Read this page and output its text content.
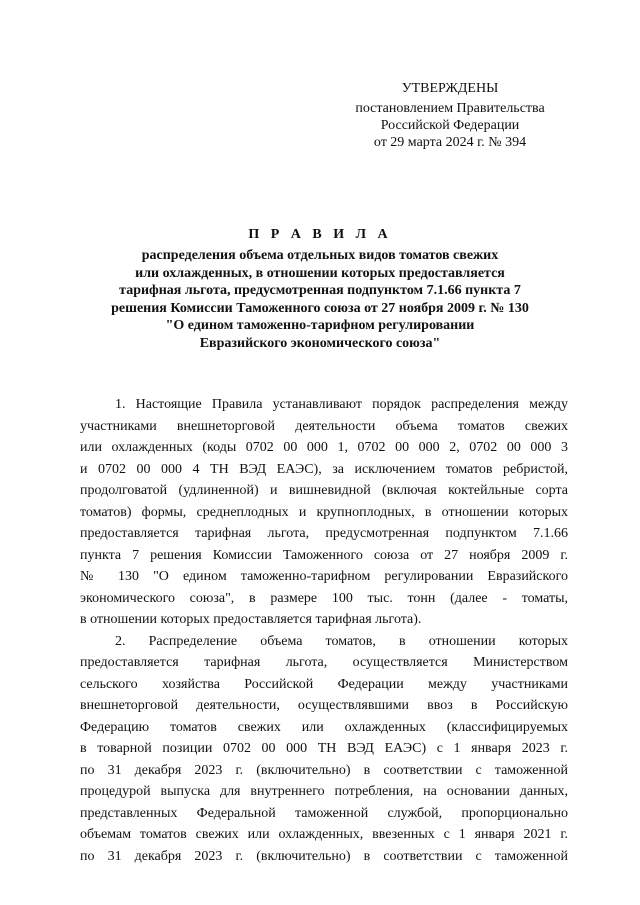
УТВЕРЖДЕНЫ
постановлением Правительства
Российской Федерации
от 29 марта 2024 г. № 394
П Р А В И Л А
распределения объема отдельных видов томатов свежих
или охлажденных, в отношении которых предоставляется
тарифная льгота, предусмотренная подпунктом 7.1.66 пункта 7
решения Комиссии Таможенного союза от 27 ноября 2009 г. № 130
"О едином таможенно-тарифном регулировании
Евразийского экономического союза"
1. Настоящие Правила устанавливают порядок распределения между
участниками внешнеторговой деятельности объема томатов свежих
или охлажденных (коды 0702 00 000 1, 0702 00 000 2, 0702 00 000 3
и 0702 00 000 4 ТН ВЭД ЕАЭС), за исключением томатов ребристой,
продолговатой (удлиненной) и вишневидной (включая коктейльные сорта
томатов) формы, среднеплодных и крупноплодных, в отношении которых
предоставляется тарифная льгота, предусмотренная подпунктом 7.1.66
пункта 7 решения Комиссии Таможенного союза от 27 ноября 2009 г.
№ 130 "О едином таможенно-тарифном регулировании Евразийского
экономического союза", в размере 100 тыс. тонн (далее - томаты,
в отношении которых предоставляется тарифная льгота).
2. Распределение объема томатов, в отношении которых
предоставляется тарифная льгота, осуществляется Министерством
сельского хозяйства Российской Федерации между участниками
внешнеторговой деятельности, осуществлявшими ввоз в Российскую
Федерацию томатов свежих или охлажденных (классифицируемых
в товарной позиции 0702 00 000 ТН ВЭД ЕАЭС) с 1 января 2023 г.
по 31 декабря 2023 г. (включительно) в соответствии с таможенной
процедурой выпуска для внутреннего потребления, на основании данных,
представленных Федеральной таможенной службой, пропорционально
объемам томатов свежих или охлажденных, ввезенных с 1 января 2021 г.
по 31 декабря 2023 г. (включительно) в соответствии с таможенной
